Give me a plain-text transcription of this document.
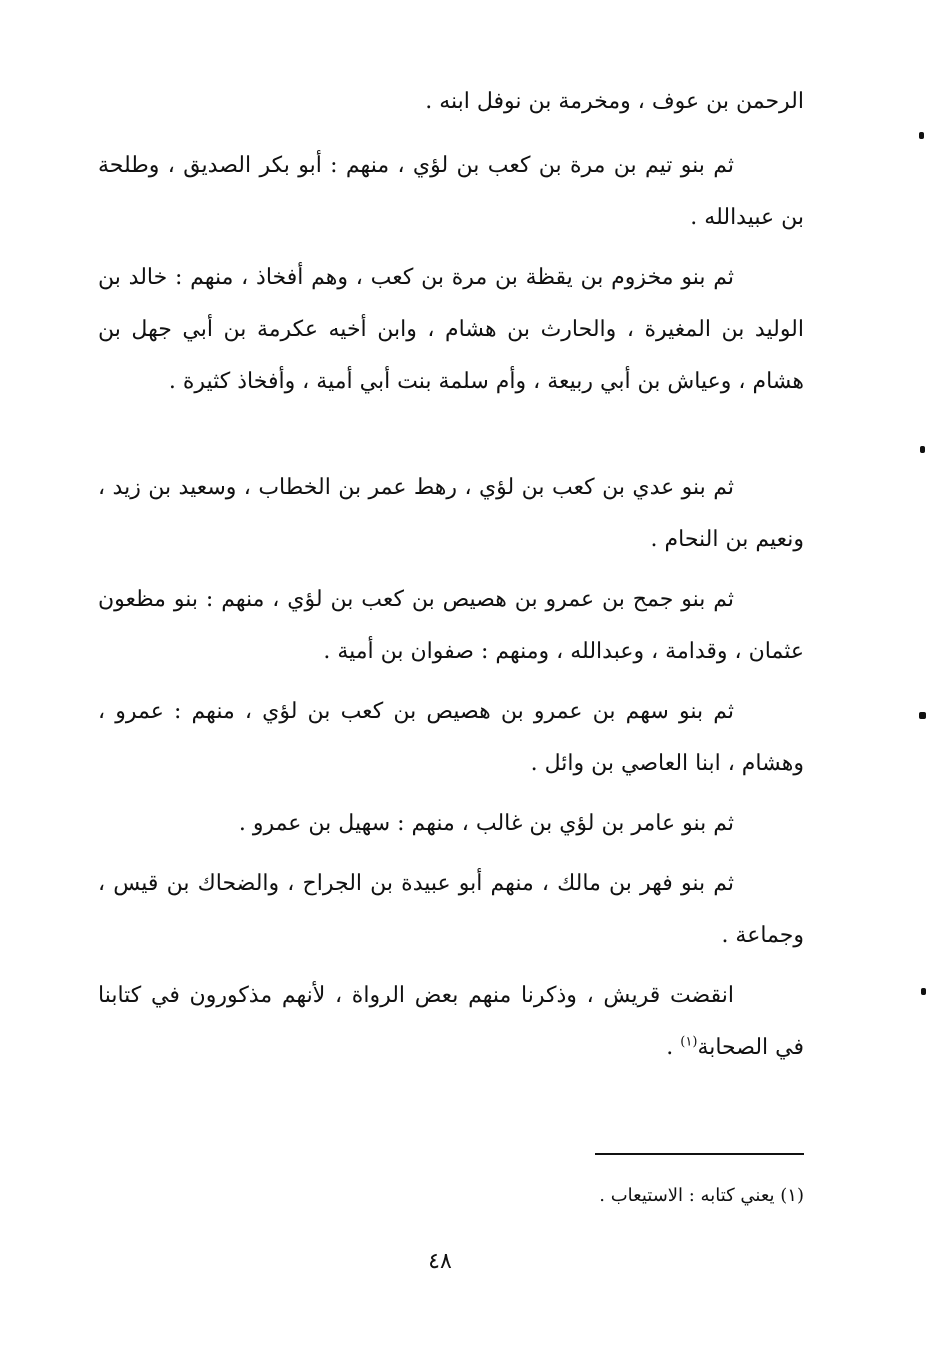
الرحمن بن عوف ، ومخرمة بن نوفل ابنه .

ثم بنو تيم بن مرة بن كعب بن لؤي ، منهم : أبو بكر الصديق ، وطلحة بن عبيدالله .

ثم بنو مخزوم بن يقظة بن مرة بن كعب ، وهم أفخاذ ، منهم : خالد بن الوليد بن المغيرة ، والحارث بن هشام ، وابن أخيه عكرمة بن أبي جهل بن هشام ، وعياش بن أبي ربيعة ، وأم سلمة بنت أبي أمية ، وأفخاذ كثيرة .

ثم بنو عدي بن كعب بن لؤي ، رهط عمر بن الخطاب ، وسعيد بن زيد ، ونعيم بن النحام .

ثم بنو جمح بن عمرو بن هصيص بن كعب بن لؤي ، منهم : بنو مظعون عثمان ، وقدامة ، وعبدالله ، ومنهم : صفوان بن أمية .

ثم بنو سهم بن عمرو بن هصيص بن كعب بن لؤي ، منهم : عمرو ، وهشام ، ابنا العاصي بن وائل .

ثم بنو عامر بن لؤي بن غالب ، منهم : سهيل بن عمرو .

ثم بنو فهر بن مالك ، منهم أبو عبيدة بن الجراح ، والضحاك بن قيس ، وجماعة .

انقضت قريش ، وذكرنا منهم بعض الرواة ، لأنهم مذكورون في كتابنا في الصحابة$^{(١)}$ .

(١) يعني كتابه : الاستيعاب .

٤٨
